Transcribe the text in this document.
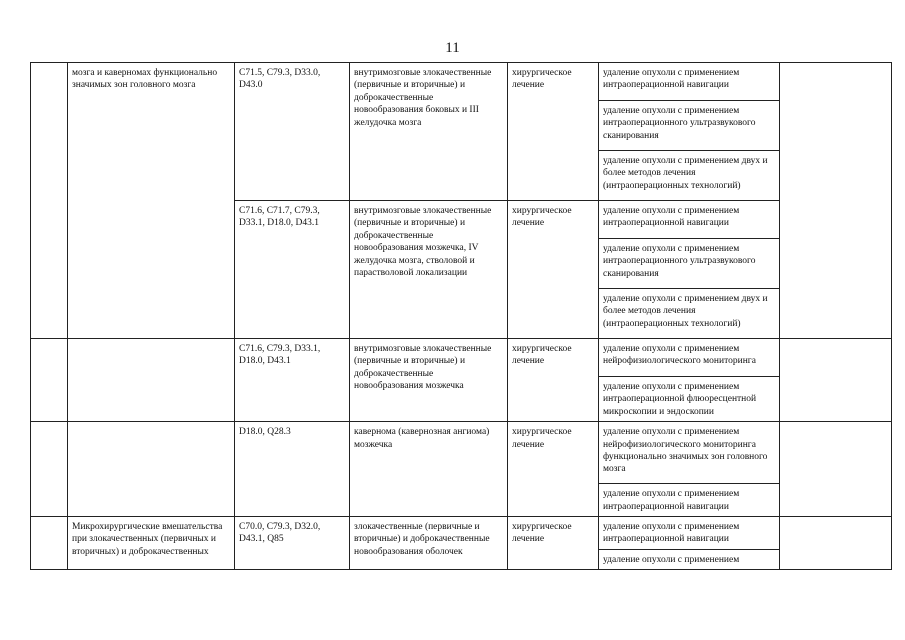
11
	мозга и каверномах функционально значимых зон головного мозга	C71.5, C79.3, D33.0, D43.0	внутримозговые злокачественные (первичные и вторичные) и доброкачественные новообразования боковых и III желудочка мозга	хирургическое лечение	удаление опухоли с применением интраоперационной навигации	
					удаление опухоли с применением интраоперационного ультразвукового сканирования	
					удаление опухоли с применением двух и более методов лечения (интраоперационных технологий)	
		C71.6, C71.7, C79.3, D33.1, D18.0, D43.1	внутримозговые злокачественные (первичные и вторичные) и доброкачественные новообразования мозжечка, IV желудочка мозга, стволовой и парастволовой локализации	хирургическое лечение	удаление опухоли с применением интраоперационной навигации	
					удаление опухоли с применением интраоперационного ультразвукового сканирования	
					удаление опухоли с применением двух и более методов лечения (интраоперационных технологий)	
		C71.6, C79.3, D33.1, D18.0, D43.1	внутримозговые злокачественные (первичные и вторичные) и доброкачественные новообразования мозжечка	хирургическое лечение	удаление опухоли с применением нейрофизиологического мониторинга	
					удаление опухоли с применением интраоперационной флюоресцентной микроскопии и эндоскопии	
		D18.0, Q28.3	кавернома (кавернозная ангиома) мозжечка	хирургическое лечение	удаление опухоли с применением нейрофизиологического мониторинга функционально значимых зон головного мозга	
					удаление опухоли с применением интраоперационной навигации	
	Микрохирургические вмешательства при злокачественных (первичных и вторичных) и доброкачественных	C70.0, C79.3, D32.0, D43.1, Q85	злокачественные (первичные и вторичные) и доброкачественные новообразования оболочек	хирургическое лечение	удаление опухоли с применением интраоперационной навигации	
					удаление опухоли с применением	
